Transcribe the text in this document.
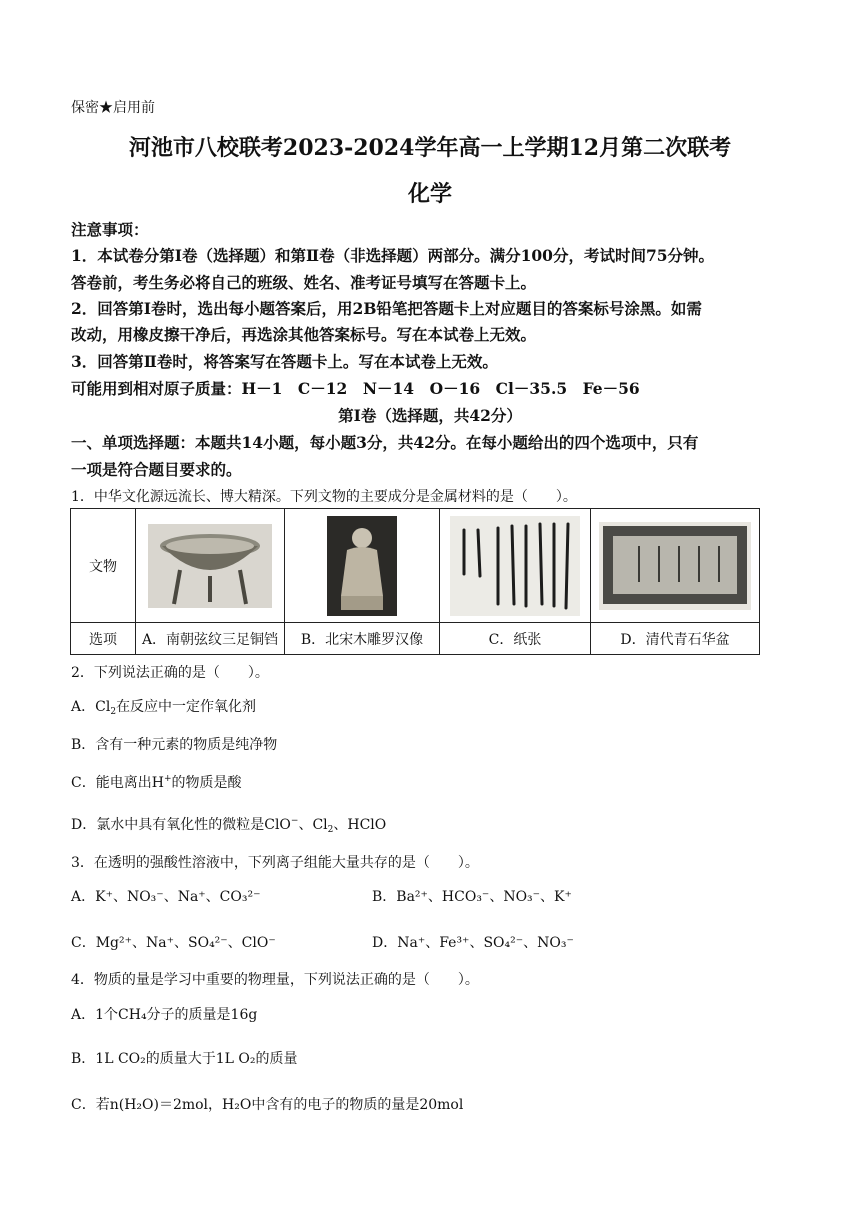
保密★启用前
河池市八校联考2023-2024学年高一上学期12月第二次联考
化学
注意事项：
1．本试卷分第Ⅰ卷（选择题）和第Ⅱ卷（非选择题）两部分。满分100分，考试时间75分钟。
答卷前，考生务必将自己的班级、姓名、准考证号填写在答题卡上。
2．回答第Ⅰ卷时，选出每小题答案后，用2B铅笔把答题卡上对应题目的答案标号涂黑。如需
改动，用橡皮擦干净后，再选涂其他答案标号。写在本试卷上无效。
3．回答第Ⅱ卷时，将答案写在答题卡上。写在本试卷上无效。
可能用到相对原子质量：H－1　C－12　N－14　O－16　Cl－35.5　Fe－56
第Ⅰ卷（选择题，共42分）
一、单项选择题：本题共14小题，每小题3分，共42分。在每小题给出的四个选项中，只有
一项是符合题目要求的。
1．中华文化源远流长、博大精深。下列文物的主要成分是金属材料的是（　　）。
文物	

选项	A．南朝弦纹三足铜铛	B．北宋木雕罗汉像	C．纸张	D．清代青石华盆
2．下列说法正确的是（　　）。
A．$Cl_2$在反应中一定作氧化剂
B．含有一种元素的物质是纯净物
C．能电离出H+的物质是酸
D．氯水中具有氧化性的微粒是ClO−、$Cl_2$、HClO
3．在透明的强酸性溶液中，下列离子组能大量共存的是（　　）。
A．K⁺、NO₃⁻、Na⁺、CO₃²⁻	B．Ba²⁺、HCO₃⁻、NO₃⁻、K⁺
C．Mg²⁺、Na⁺、SO₄²⁻、ClO⁻	D．Na⁺、Fe³⁺、SO₄²⁻、NO₃⁻
4．物质的量是学习中重要的物理量，下列说法正确的是（　　）。
A．1个CH₄分子的质量是16g
B．1L CO₂的质量大于1L O₂的质量
C．若n(H₂O)＝2mol，H₂O中含有的电子的物质的量是20mol
